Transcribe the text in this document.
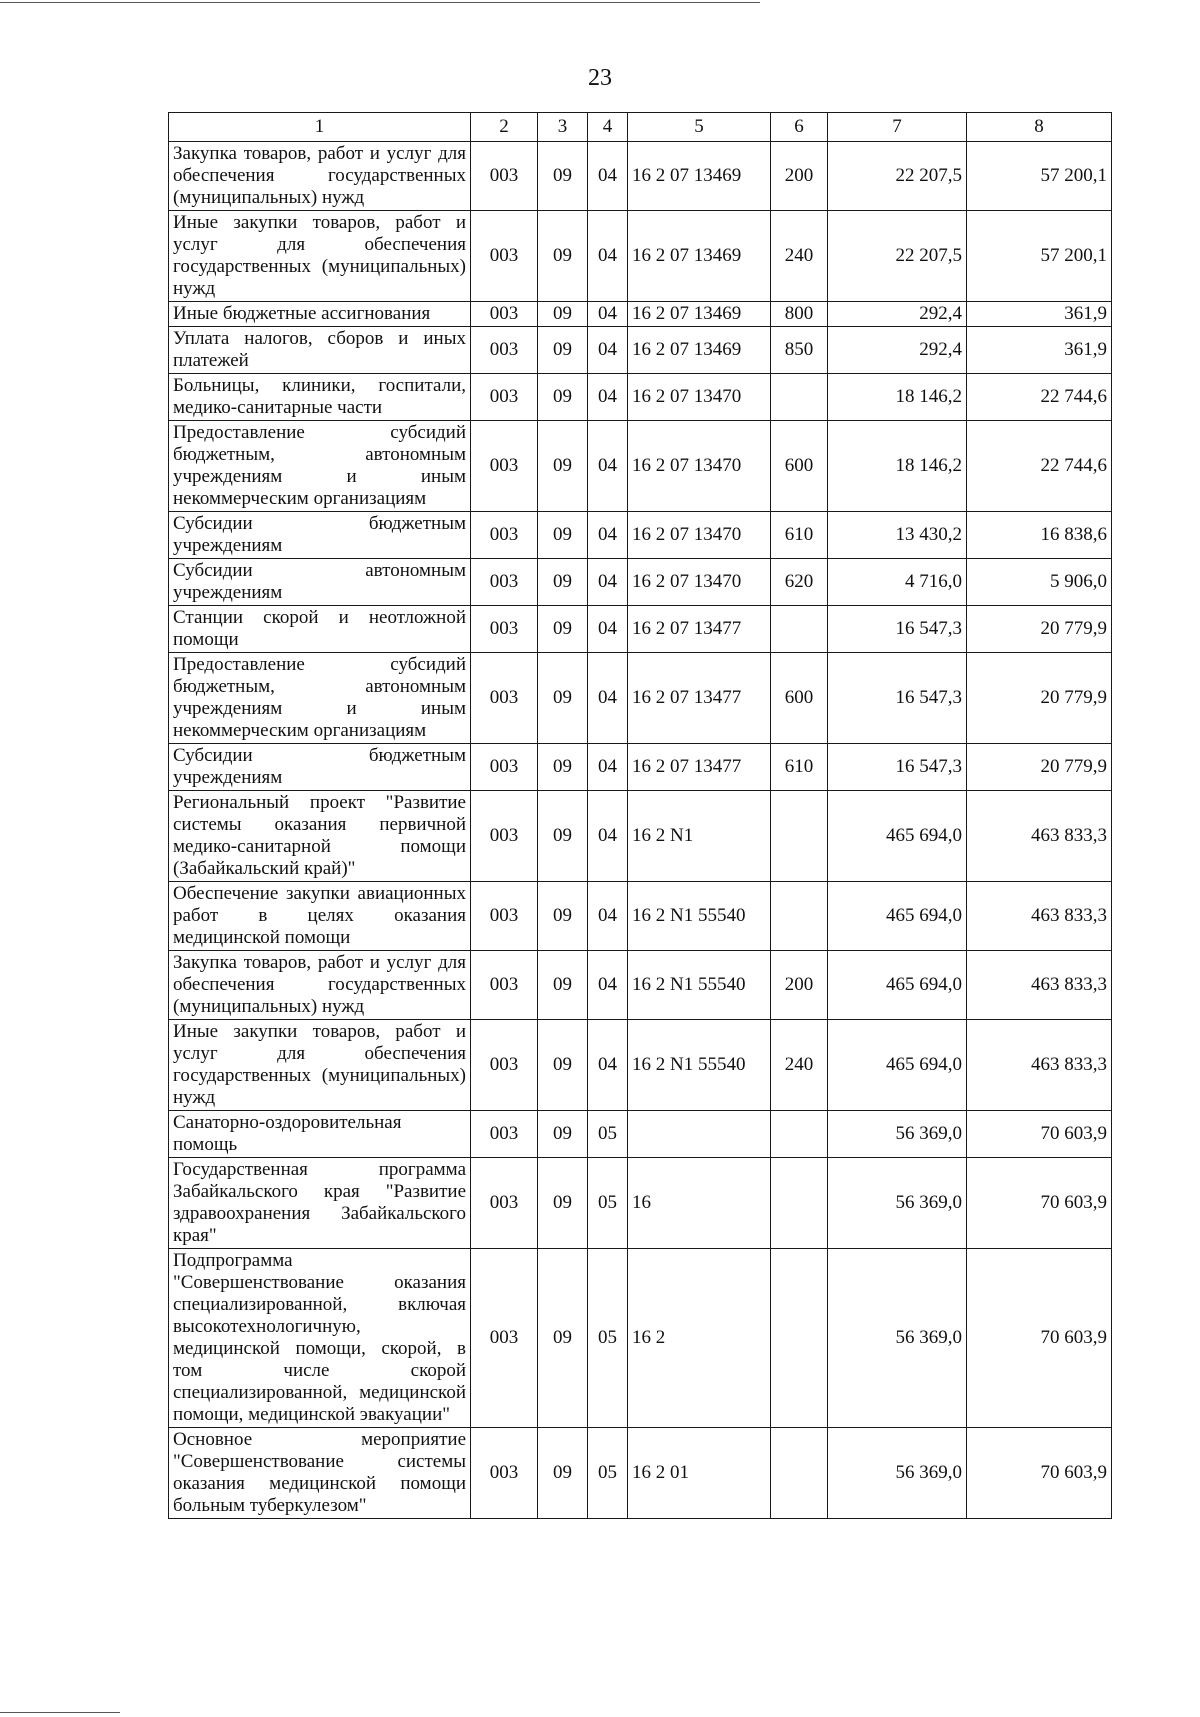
23
1	2	3	4	5	6	7	8
Закупка товаров, работ и услуг для обеспечения государственных (муниципальных) нужд	003	09	04	16 2 07 13469	200	22 207,5	57 200,1
Иные закупки товаров, работ и услуг для обеспечения государственных (муниципальных) нужд	003	09	04	16 2 07 13469	240	22 207,5	57 200,1
Иные бюджетные ассигнования	003	09	04	16 2 07 13469	800	292,4	361,9
Уплата налогов, сборов и иных платежей	003	09	04	16 2 07 13469	850	292,4	361,9
Больницы, клиники, госпитали, медико-санитарные части	003	09	04	16 2 07 13470		18 146,2	22 744,6
Предоставление субсидий бюджетным, автономным учреждениям и иным некоммерческим организациям	003	09	04	16 2 07 13470	600	18 146,2	22 744,6
Субсидии бюджетным учреждениям	003	09	04	16 2 07 13470	610	13 430,2	16 838,6
Субсидии автономным учреждениям	003	09	04	16 2 07 13470	620	4 716,0	5 906,0
Станции скорой и неотложной помощи	003	09	04	16 2 07 13477		16 547,3	20 779,9
Предоставление субсидий бюджетным, автономным учреждениям и иным некоммерческим организациям	003	09	04	16 2 07 13477	600	16 547,3	20 779,9
Субсидии бюджетным учреждениям	003	09	04	16 2 07 13477	610	16 547,3	20 779,9
Региональный проект "Развитие системы оказания первичной медико-санитарной помощи (Забайкальский край)"	003	09	04	16 2 N1		465 694,0	463 833,3
Обеспечение закупки авиационных работ в целях оказания медицинской помощи	003	09	04	16 2 N1 55540		465 694,0	463 833,3
Закупка товаров, работ и услуг для обеспечения государственных (муниципальных) нужд	003	09	04	16 2 N1 55540	200	465 694,0	463 833,3
Иные закупки товаров, работ и услуг для обеспечения государственных (муниципальных) нужд	003	09	04	16 2 N1 55540	240	465 694,0	463 833,3
Санаторно-оздоровительная помощь	003	09	05			56 369,0	70 603,9
Государственная программа Забайкальского края "Развитие здравоохранения Забайкальского края"	003	09	05	16		56 369,0	70 603,9
Подпрограмма "Совершенствование оказания специализированной, включая высокотехнологичную, медицинской помощи, скорой, в том числе скорой специализированной, медицинской помощи, медицинской эвакуации"	003	09	05	16 2		56 369,0	70 603,9
Основное мероприятие "Совершенствование системы оказания медицинской помощи больным туберкулезом"	003	09	05	16 2 01		56 369,0	70 603,9
